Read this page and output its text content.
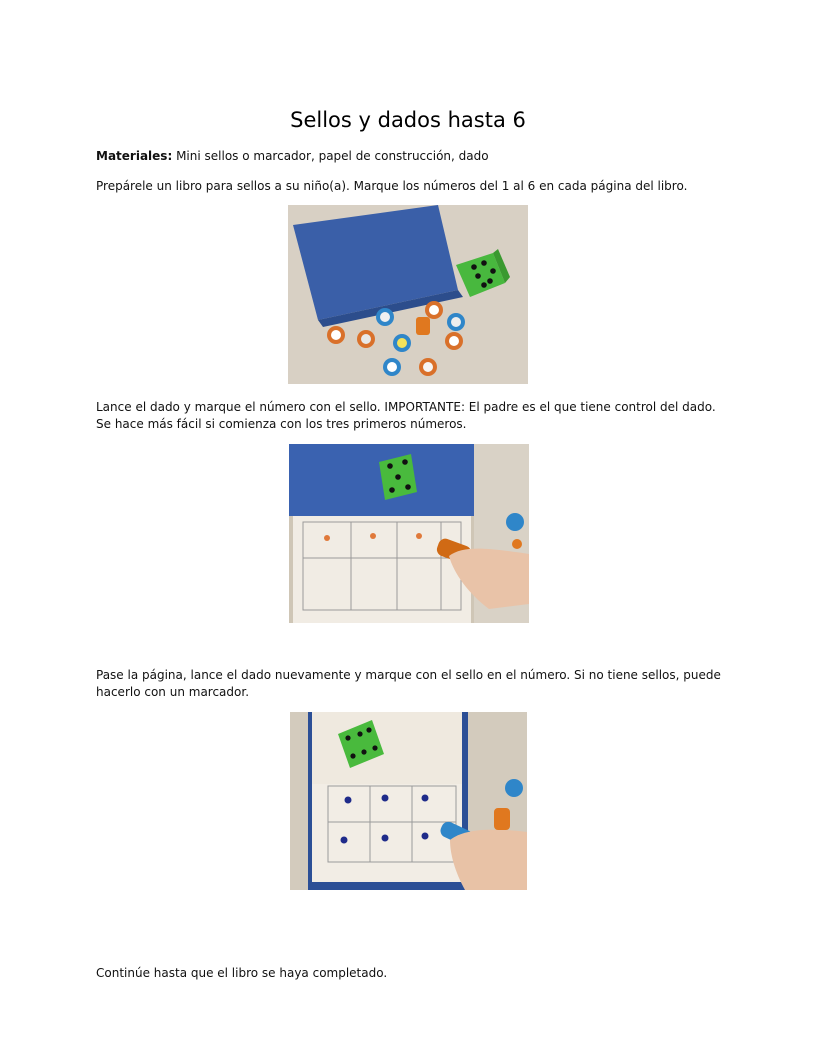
Sellos y dados hasta 6
Materiales: Mini sellos o marcador, papel de construcción, dado
Prepárele un libro para sellos a su niño(a). Marque los números del 1 al 6 en cada página del libro.
Lance el dado y marque el número con el sello. IMPORTANTE: El padre es el que tiene control del dado. Se hace más fácil si comienza con los tres primeros números.
Pase la página, lance el dado nuevamente y marque con el sello en el número. Si no tiene sellos, puede hacerlo con un marcador.
Continúe hasta que el libro se haya completado.
